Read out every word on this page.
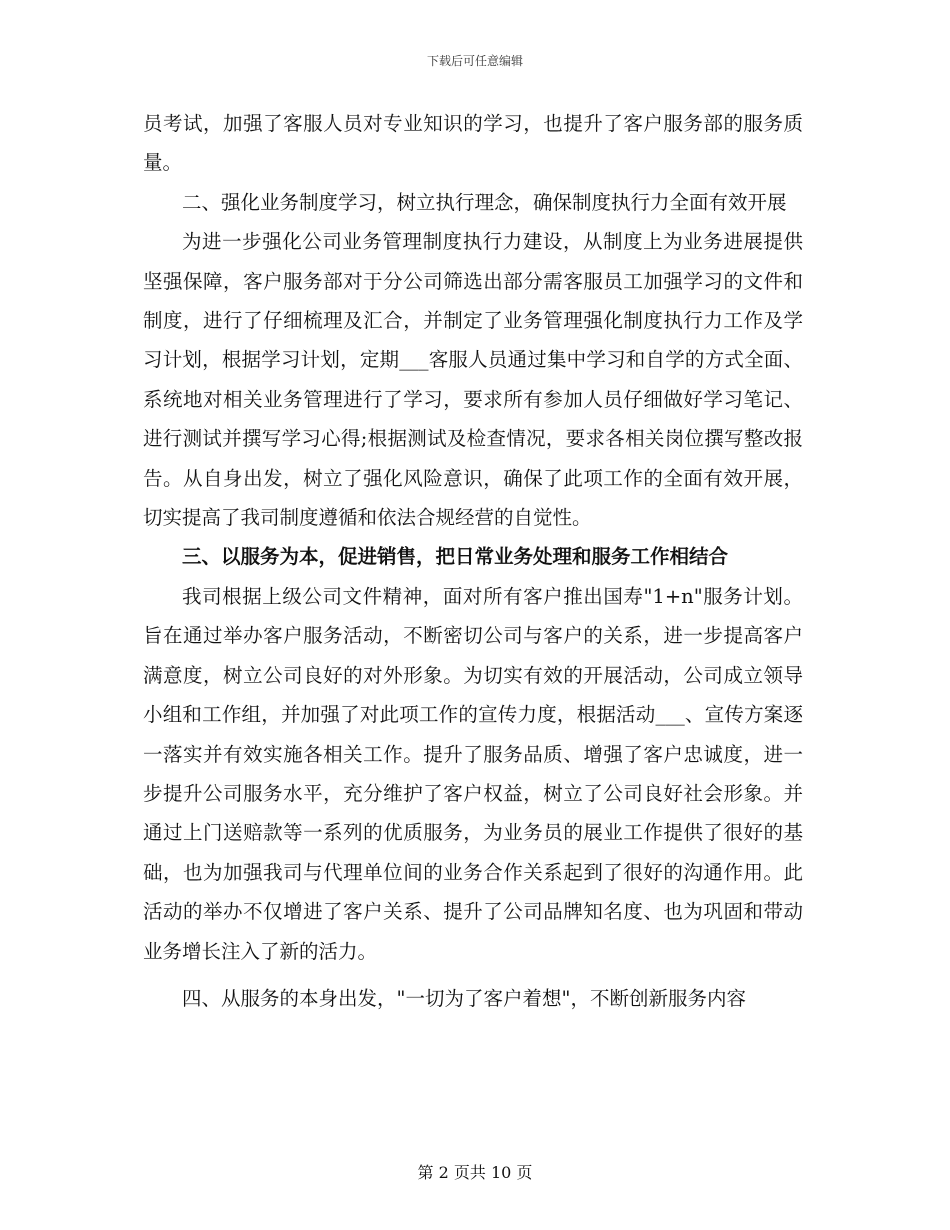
下载后可任意编辑

员考试，加强了客服人员对专业知识的学习，也提升了客户服务部的服务质量。

二、强化业务制度学习，树立执行理念，确保制度执行力全面有效开展

为进一步强化公司业务管理制度执行力建设，从制度上为业务进展提供坚强保障，客户服务部对于分公司筛选出部分需客服员工加强学习的文件和制度，进行了仔细梳理及汇合，并制定了业务管理强化制度执行力工作及学习计划，根据学习计划，定期___客服人员通过集中学习和自学的方式全面、系统地对相关业务管理进行了学习，要求所有参加人员仔细做好学习笔记、进行测试并撰写学习心得;根据测试及检查情况，要求各相关岗位撰写整改报告。从自身出发，树立了强化风险意识，确保了此项工作的全面有效开展，切实提高了我司制度遵循和依法合规经营的自觉性。

三、以服务为本，促进销售，把日常业务处理和服务工作相结合

我司根据上级公司文件精神，面对所有客户推出国寿"1+n"服务计划。旨在通过举办客户服务活动，不断密切公司与客户的关系，进一步提高客户满意度，树立公司良好的对外形象。为切实有效的开展活动，公司成立领导小组和工作组，并加强了对此项工作的宣传力度，根据活动___、宣传方案逐一落实并有效实施各相关工作。提升了服务品质、增强了客户忠诚度，进一步提升公司服务水平，充分维护了客户权益，树立了公司良好社会形象。并通过上门送赔款等一系列的优质服务，为业务员的展业工作提供了很好的基础，也为加强我司与代理单位间的业务合作关系起到了很好的沟通作用。此活动的举办不仅增进了客户关系、提升了公司品牌知名度、也为巩固和带动业务增长注入了新的活力。

四、从服务的本身出发，"一切为了客户着想"，不断创新服务内容

第 2 页共 10 页
